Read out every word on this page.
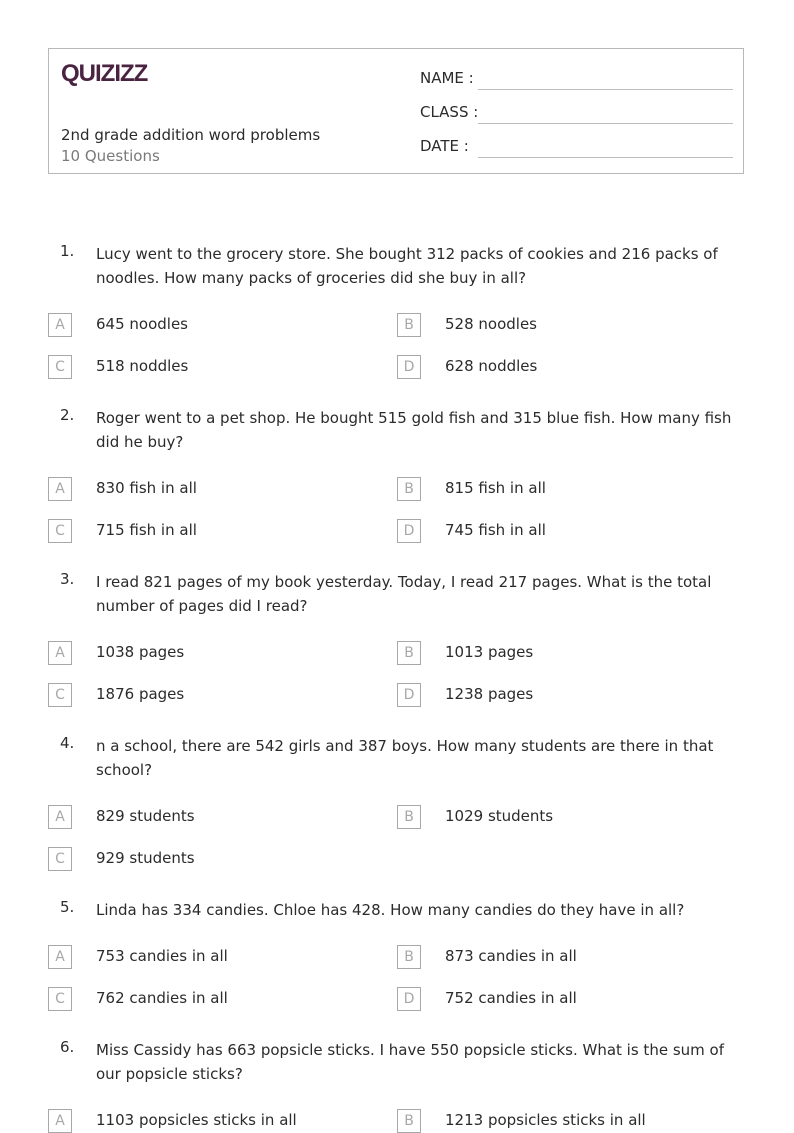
QUIZIZZ
2nd grade addition word problems
10 Questions
NAME :
CLASS :
DATE :
1. Lucy went to the grocery store. She bought 312 packs of cookies and 216 packs of noodles. How many packs of groceries did she buy in all?
A	645 noodles	B	528 noodles
C	518 noddles	D	628 noddles
2. Roger went to a pet shop. He bought 515 gold fish and 315 blue fish. How many fish did he buy?
A	830 fish in all	B	815 fish in all
C	715 fish in all	D	745 fish in all
3. I read 821 pages of my book yesterday. Today, I read 217 pages. What is the total number of pages did I read?
A	1038 pages	B	1013 pages
C	1876 pages	D	1238 pages
4. n a school, there are 542 girls and 387 boys. How many students are there in that school?
A	829 students	B	1029 students
C	929 students
5. Linda has 334 candies. Chloe has 428. How many candies do they have in all?
A	753 candies in all	B	873 candies in all
C	762 candies in all	D	752 candies in all
6. Miss Cassidy has 663 popsicle sticks. I have 550 popsicle sticks. What is the sum of our popsicle sticks?
A	1103 popsicles sticks in all	B	1213 popsicles sticks in all
